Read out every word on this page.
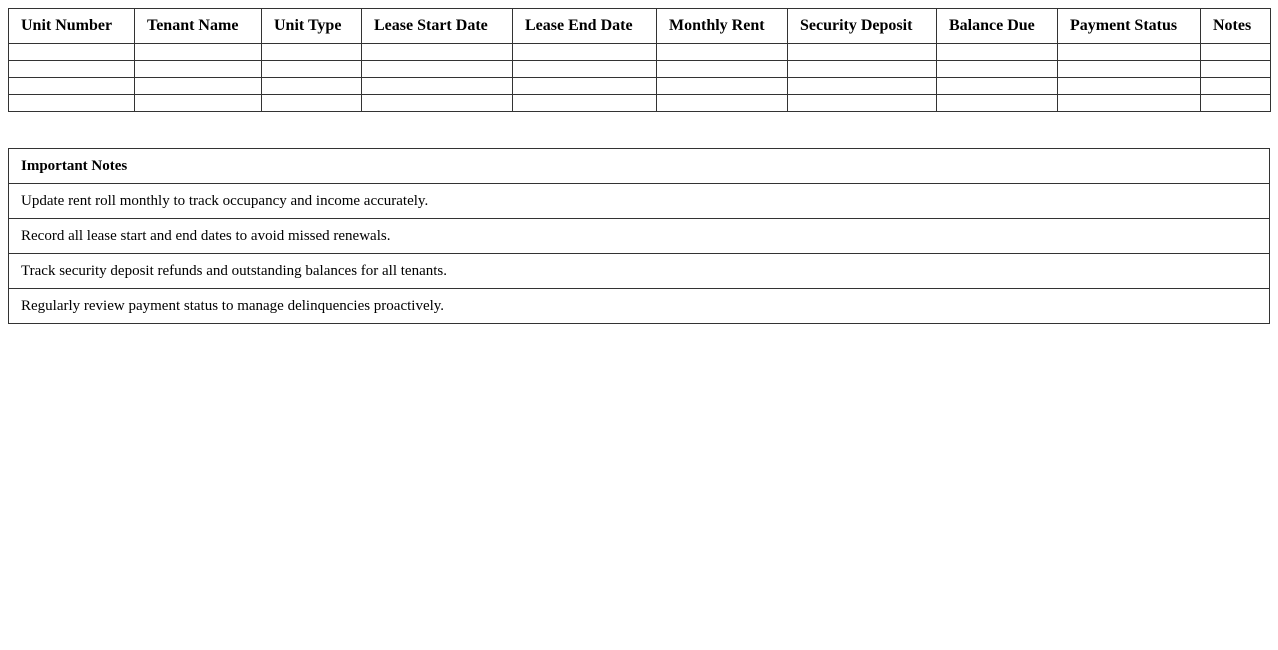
Unit Number	Tenant Name	Unit Type	Lease Start Date	Lease End Date	Monthly Rent	Security Deposit	Balance Due	Payment Status	Notes

Important Notes
Update rent roll monthly to track occupancy and income accurately.
Record all lease start and end dates to avoid missed renewals.
Track security deposit refunds and outstanding balances for all tenants.
Regularly review payment status to manage delinquencies proactively.
